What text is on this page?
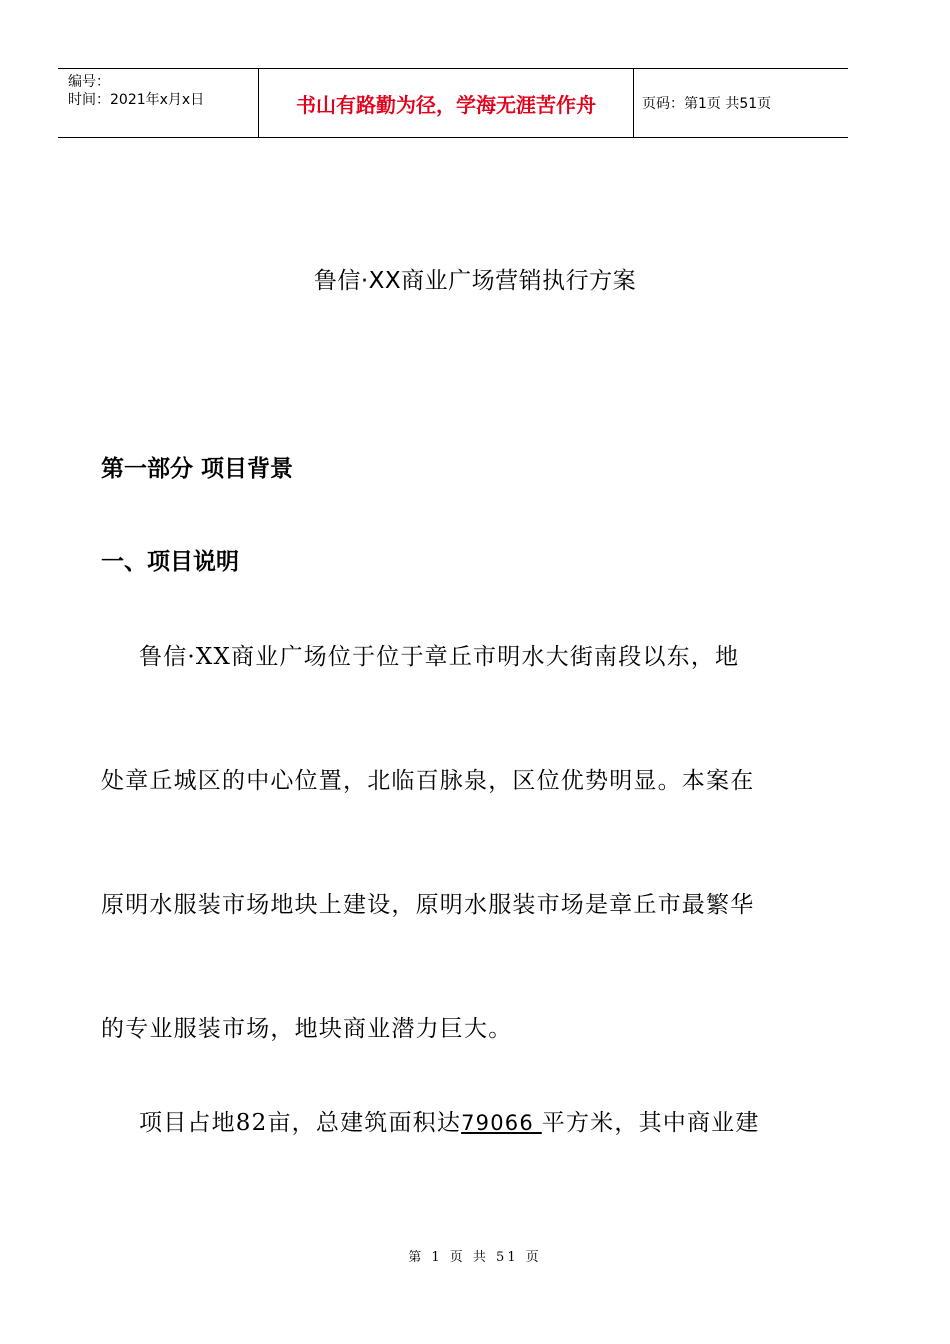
编号：
时间：2021年x月x日	书山有路勤为径，学海无涯苦作舟	页码：第1页 共51页
鲁信·XX商业广场营销执行方案
第一部分 项目背景
一、项目说明
鲁信·XX商业广场位于位于章丘市明水大街南段以东，地
处章丘城区的中心位置，北临百脉泉，区位优势明显。本案在
原明水服装市场地块上建设，原明水服装市场是章丘市最繁华
的专业服装市场，地块商业潜力巨大。
项目占地82亩，总建筑面积达79066 平方米，其中商业建
第 1 页 共 51 页
